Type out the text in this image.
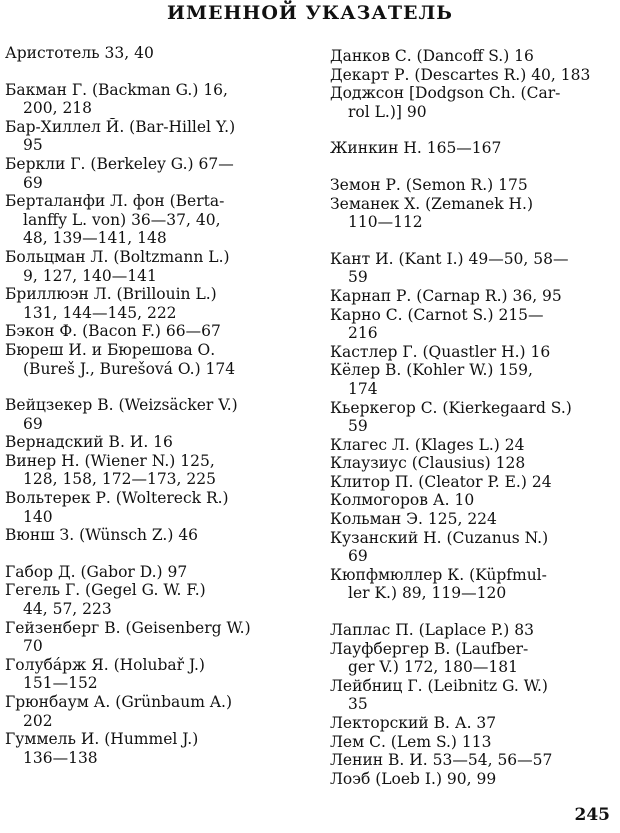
ИМЕННОЙ УКАЗАТЕЛЬ
Аристотель 33, 40
Бакман Г. (Backman G.) 16,
200, 218
Бар-Хиллел Й. (Bar-Hillel Y.)
95
Беркли Г. (Berkeley G.) 67—
69
Берталанфи Л. фон (Berta-
lanffy L. von) 36—37, 40,
48, 139—141, 148
Больцман Л. (Boltzmann L.)
9, 127, 140—141
Бриллюэн Л. (Brillouin L.)
131, 144—145, 222
Бэкон Ф. (Bacon F.) 66—67
Бюреш И. и Бюрешова О.
(Bureš J., Burešová O.) 174
Вейцзекер В. (Weizsäcker V.)
69
Вернадский В. И. 16
Винер Н. (Wiener N.) 125,
128, 158, 172—173, 225
Вольтерек Р. (Woltereck R.)
140
Вюнш З. (Wünsch Z.) 46
Габор Д. (Gabor D.) 97
Гегель Г. (Gegel G. W. F.)
44, 57, 223
Гейзенберг В. (Geisenberg W.)
70
Голубáрж Я. (Holubař J.)
151—152
Грюнбаум А. (Grünbaum A.)
202
Гуммель И. (Hummel J.)
136—138
Данков С. (Dancoff S.) 16
Декарт Р. (Descartes R.) 40, 183
Доджсон [Dodgson Ch. (Car-
rol L.)] 90
Жинкин Н. 165—167
Земон Р. (Semon R.) 175
Земанек Х. (Zemanek H.)
110—112
Кант И. (Kant I.) 49—50, 58—
59
Карнап Р. (Carnap R.) 36, 95
Карно С. (Carnot S.) 215—
216
Кастлер Г. (Quastler H.) 16
Кёлер В. (Kohler W.) 159,
174
Кьеркегор С. (Kierkegaard S.)
59
Клагес Л. (Klages L.) 24
Клаузиус (Clausius) 128
Клитор П. (Cleator P. E.) 24
Колмогоров А. 10
Кольман Э. 125, 224
Кузанский Н. (Cuzanus N.)
69
Кюпфмюллер К. (Küpfmul-
ler K.) 89, 119—120
Лаплас П. (Laplace P.) 83
Лауфбергер В. (Laufber-
ger V.) 172, 180—181
Лейбниц Г. (Leibnitz G. W.)
35
Лекторский В. А. 37
Лем С. (Lem S.) 113
Ленин В. И. 53—54, 56—57
Лоэб (Loeb I.) 90, 99
245
